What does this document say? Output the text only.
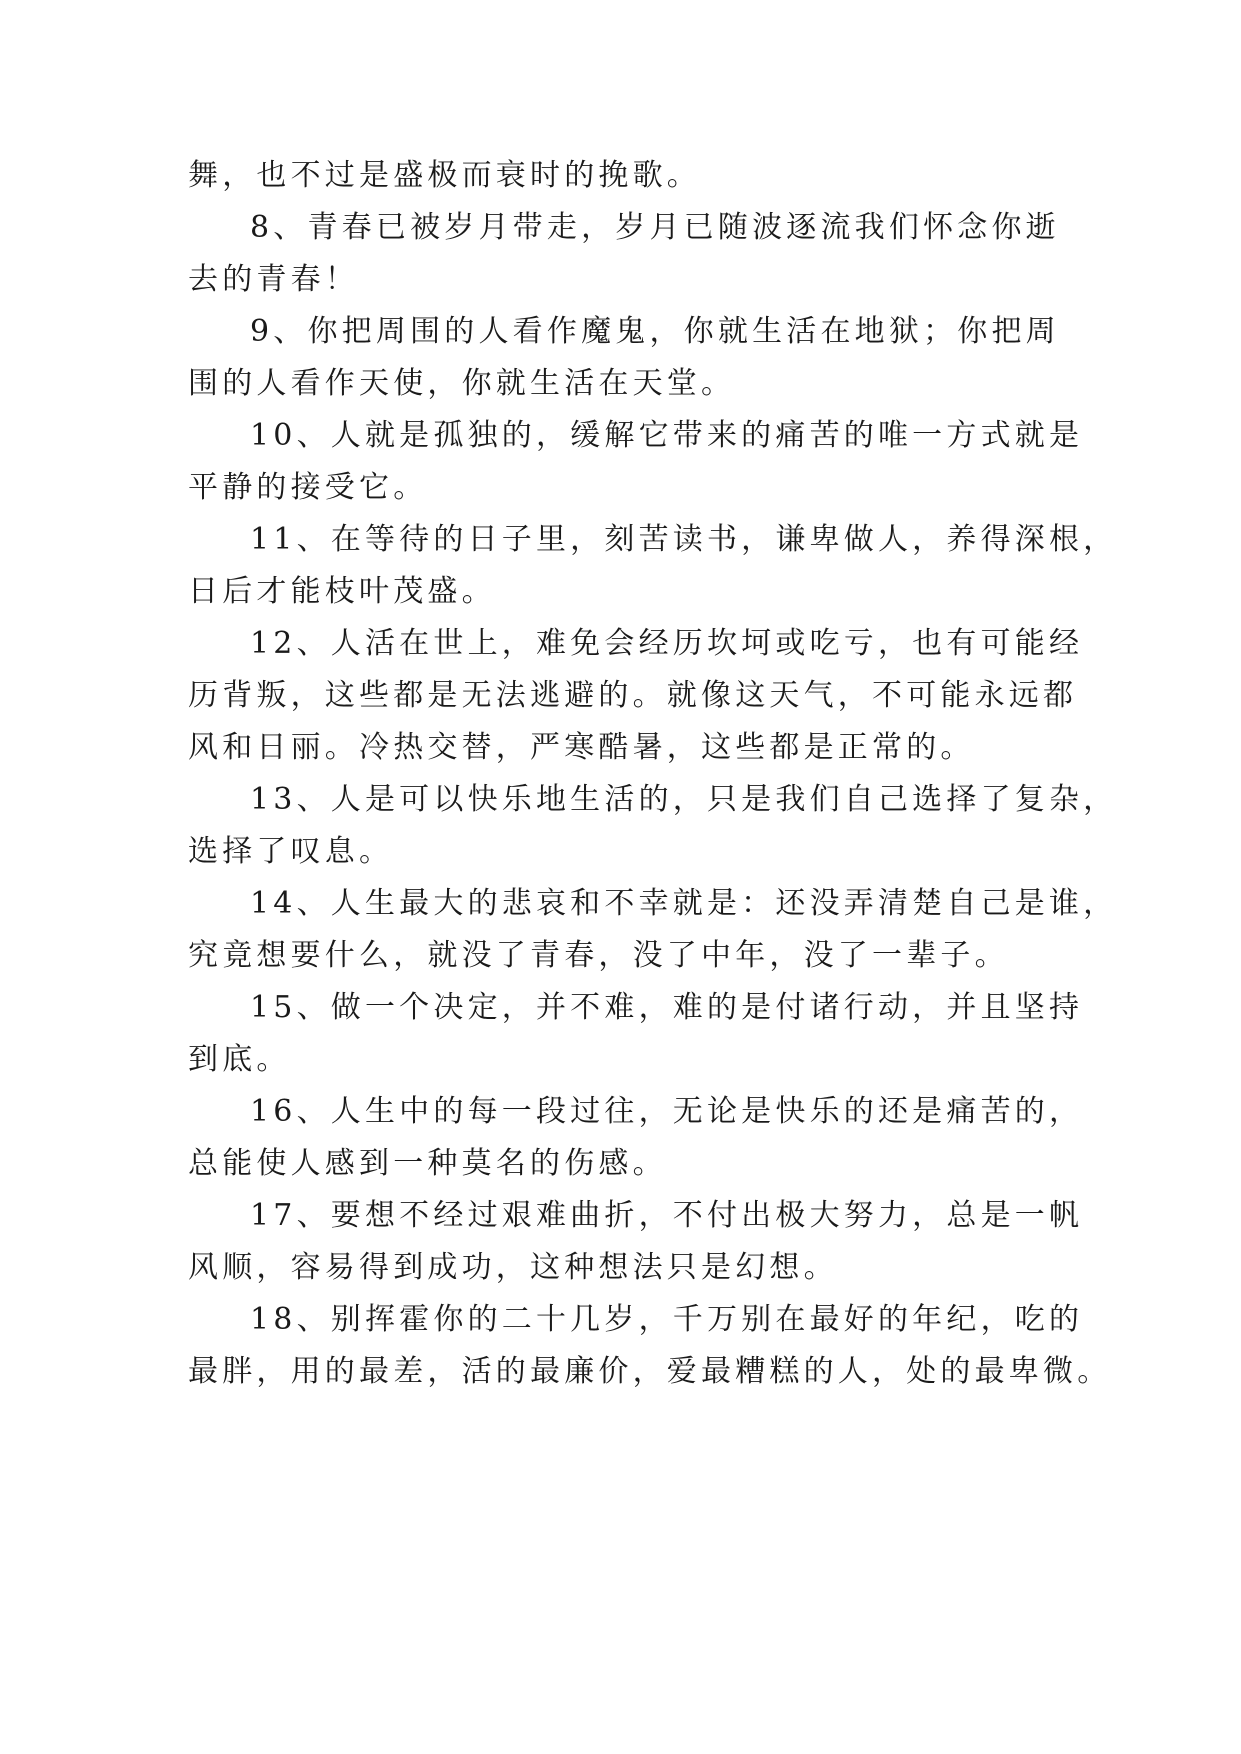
舞，也不过是盛极而衰时的挽歌。
8、青春已被岁月带走，岁月已随波逐流我们怀念你逝
去的青春！
9、你把周围的人看作魔鬼，你就生活在地狱；你把周
围的人看作天使，你就生活在天堂。
10、人就是孤独的，缓解它带来的痛苦的唯一方式就是
平静的接受它。
11、在等待的日子里，刻苦读书，谦卑做人，养得深根，
日后才能枝叶茂盛。
12、人活在世上，难免会经历坎坷或吃亏，也有可能经
历背叛，这些都是无法逃避的。就像这天气，不可能永远都
风和日丽。冷热交替，严寒酷暑，这些都是正常的。
13、人是可以快乐地生活的，只是我们自己选择了复杂，
选择了叹息。
14、人生最大的悲哀和不幸就是：还没弄清楚自己是谁，
究竟想要什么，就没了青春，没了中年，没了一辈子。
15、做一个决定，并不难，难的是付诸行动，并且坚持
到底。
16、人生中的每一段过往，无论是快乐的还是痛苦的，
总能使人感到一种莫名的伤感。
17、要想不经过艰难曲折，不付出极大努力，总是一帆
风顺，容易得到成功，这种想法只是幻想。
18、别挥霍你的二十几岁，千万别在最好的年纪，吃的
最胖，用的最差，活的最廉价，爱最糟糕的人，处的最卑微。
